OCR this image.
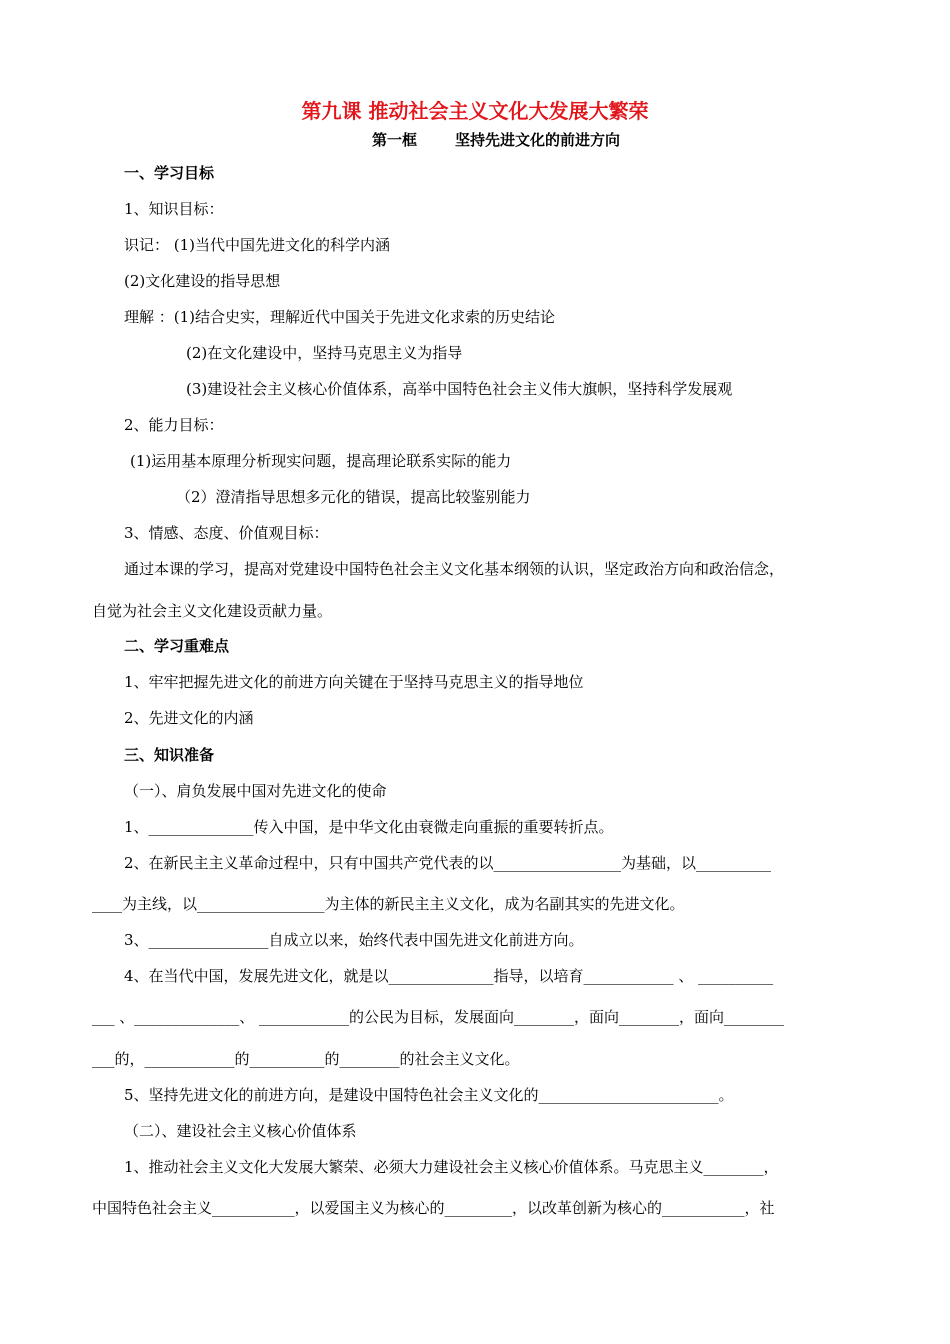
第九课 推动社会主义文化大发展大繁荣
第一框	坚持先进文化的前进方向
一、学习目标
1、知识目标：
识记： (1)当代中国先进文化的科学内涵
(2)文化建设的指导思想
理解 ：(1)结合史实，理解近代中国关于先进文化求索的历史结论
(2)在文化建设中，坚持马克思主义为指导
(3)建设社会主义核心价值体系，高举中国特色社会主义伟大旗帜，坚持科学发展观
2、能力目标：
(1)运用基本原理分析现实问题，提高理论联系实际的能力
（2）澄清指导思想多元化的错误，提高比较鉴别能力
3、情感、态度、价值观目标：
通过本课的学习，提高对党建设中国特色社会主义文化基本纲领的认识，坚定政治方向和政治信念，
自觉为社会主义文化建设贡献力量。
二、学习重难点
1、牢牢把握先进文化的前进方向关键在于坚持马克思主义的指导地位
2、先进文化的内涵
三、知识准备
（一）、肩负发展中国对先进文化的使命
1、______________传入中国，是中华文化由衰微走向重振的重要转折点。
2、在新民主主义革命过程中，只有中国共产党代表的以_________________为基础，以__________
____为主线，以_________________为主体的新民主主义文化，成为名副其实的先进文化。
3、________________自成立以来，始终代表中国先进文化前进方向。
4、在当代中国，发展先进文化，就是以______________指导，以培育____________ 、 __________
___ 、______________、 ____________的公民为目标，发展面向________，面向________，面向________
___的，____________的__________的________的社会主义文化。
5、坚持先进文化的前进方向，是建设中国特色社会主义文化的________________________。
（二）、建设社会主义核心价值体系
1、推动社会主义文化大发展大繁荣、必须大力建设社会主义核心价值体系。马克思主义________，
中国特色社会主义___________，以爱国主义为核心的_________，以改革创新为核心的___________，社
